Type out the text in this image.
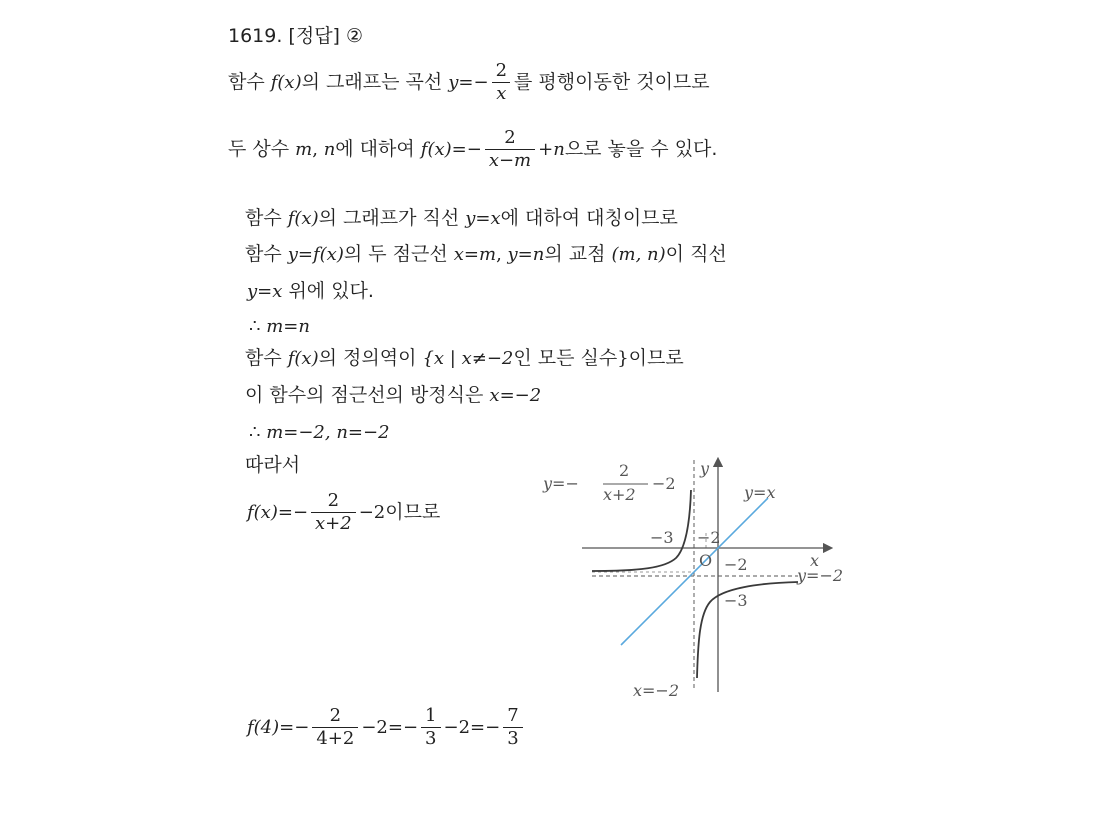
1619. [정답] ②
함수 f(x)의 그래프는 곡선 $y=- \frac{2}{x}$ 를 평행이동한 것이므로
두 상수 m, n에 대하여 $f(x)=- \frac{2}{x-m} +n$으로 놓을 수 있다.
함수 f(x)의 그래프가 직선 y=x에 대하여 대칭이므로
함수 y=f(x)의 두 점근선 x=m, y=n의 교점 (m, n)이 직선
y=x 위에 있다.
∴ m=n
함수 f(x)의 정의역이 {x | x≠−2인 모든 실수}이므로
이 함수의 점근선의 방정식은 x=−2
∴ m=−2, n=−2
따라서
$f(x)=- \frac{2}{x+2} -2$이므로
$f(4)=- \frac{2}{4+2} -2=- \frac{1}{3} -2=- \frac{7}{3}$
y=−
2
x+2
−2
y
y=x
x
O
y=−2
x=−2
−3 −2
−2
−3
